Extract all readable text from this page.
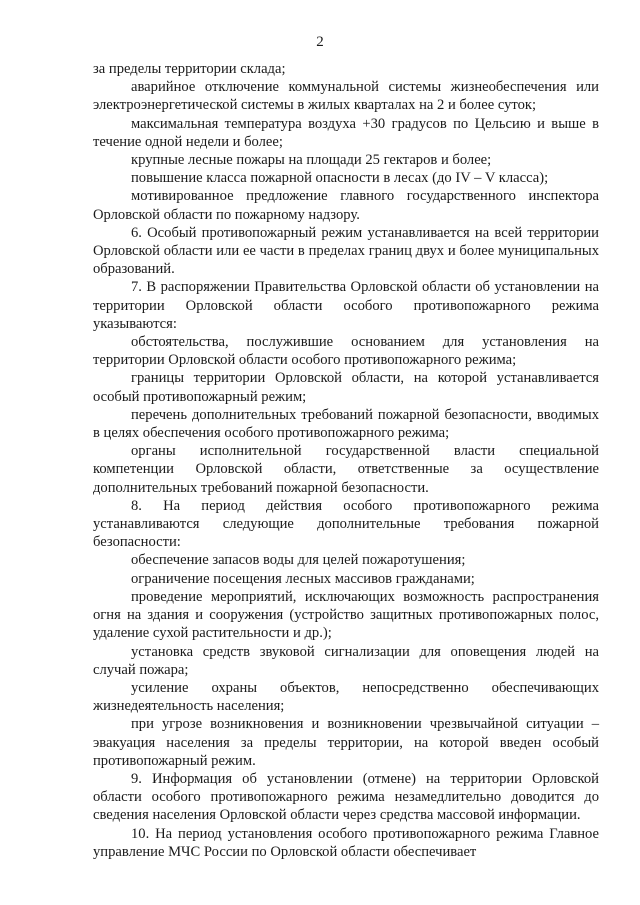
2

за пределы территории склада;

аварийное отключение коммунальной системы жизнеобеспечения или электроэнергетической системы в жилых кварталах на 2 и более суток;

максимальная температура воздуха +30 градусов по Цельсию и выше в течение одной недели и более;

крупные лесные пожары на площади 25 гектаров и более;

повышение класса пожарной опасности в лесах (до IV – V класса);

мотивированное предложение главного государственного инспектора Орловской области по пожарному надзору.

6. Особый противопожарный режим устанавливается на всей территории Орловской области или ее части в пределах границ двух и более муниципальных образований.

7. В распоряжении Правительства Орловской области об установлении на территории Орловской области особого противопожарного режима указываются:

обстоятельства, послужившие основанием для установления на территории Орловской области особого противопожарного режима;

границы территории Орловской области, на которой устанавливается особый противопожарный режим;

перечень дополнительных требований пожарной безопасности, вводимых в целях обеспечения особого противопожарного режима;

органы исполнительной государственной власти специальной компетенции Орловской области, ответственные за осуществление дополнительных требований пожарной безопасности.

8. На период действия особого противопожарного режима устанавливаются следующие дополнительные требования пожарной безопасности:

обеспечение запасов воды для целей пожаротушения;

ограничение посещения лесных массивов гражданами;

проведение мероприятий, исключающих возможность распространения огня на здания и сооружения (устройство защитных противопожарных полос, удаление сухой растительности и др.);

установка средств звуковой сигнализации для оповещения людей на случай пожара;

усиление охраны объектов, непосредственно обеспечивающих жизнедеятельность населения;

при угрозе возникновения и возникновении чрезвычайной ситуации – эвакуация населения за пределы территории, на которой введен особый противопожарный режим.

9. Информация об установлении (отмене) на территории Орловской области особого противопожарного режима незамедлительно доводится до сведения населения Орловской области через средства массовой информации.

10. На период установления особого противопожарного режима Главное управление МЧС России по Орловской области обеспечивает
